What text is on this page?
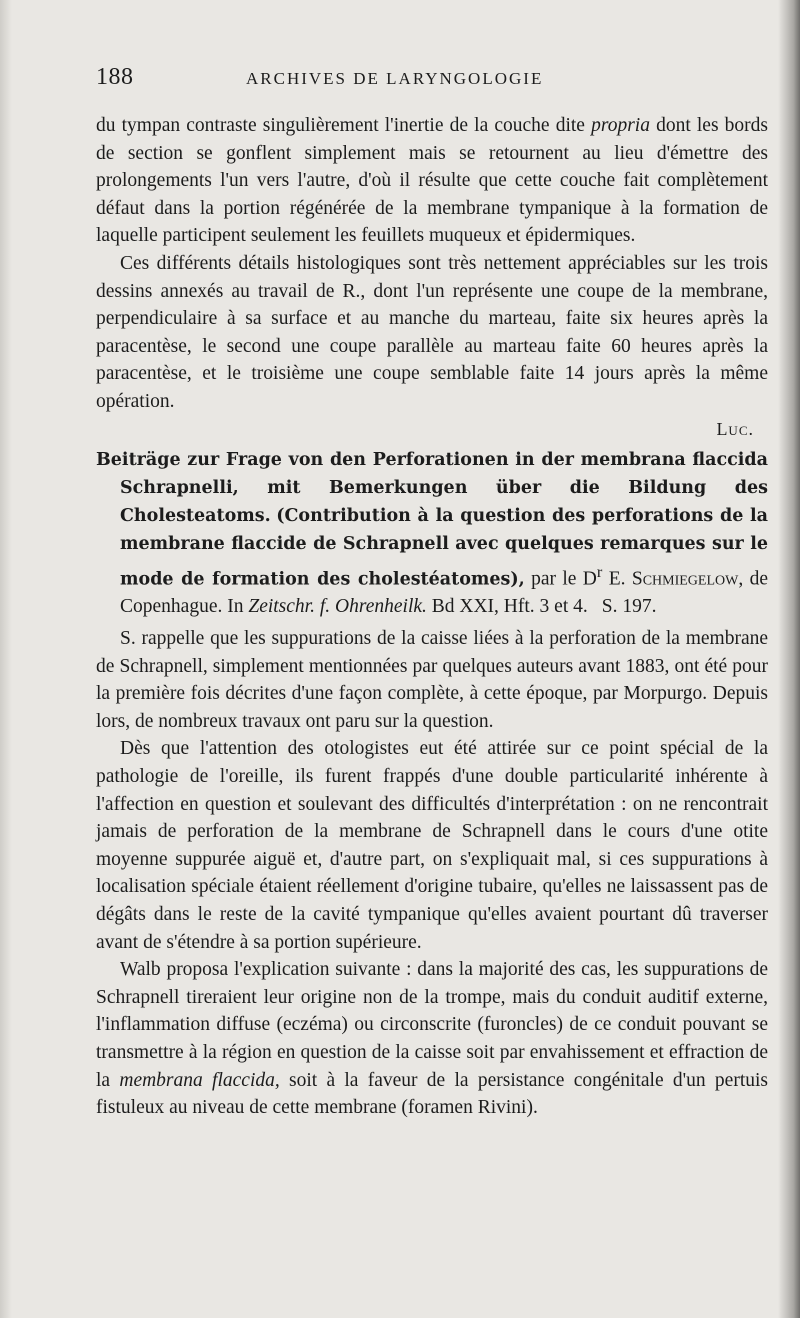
188	ARCHIVES DE LARYNGOLOGIE

du tympan contraste singulièrement l'inertie de la couche dite propria dont les bords de section se gonflent simplement mais se retournent au lieu d'émettre des prolongements l'un vers l'autre, d'où il résulte que cette couche fait complètement défaut dans la portion régénérée de la membrane tympanique à la formation de laquelle participent seulement les feuillets muqueux et épidermiques.

Ces différents détails histologiques sont très nettement appréciables sur les trois dessins annexés au travail de R., dont l'un représente une coupe de la membrane, perpendiculaire à sa surface et au manche du marteau, faite six heures après la paracentèse, le second une coupe parallèle au marteau faite 60 heures après la paracentèse, et le troisième une coupe semblable faite 14 jours après la même opération.

Luc.

Beiträge zur Frage von den Perforationen in der membrana flaccida Schrapnelli, mit Bemerkungen über die Bildung des Cholesteatoms. (Contribution à la question des perforations de la membrane flaccide de Schrapnell avec quelques remarques sur le mode de formation des cholestéatomes), par le $D^r$ E. Schmiegelow, de Copenhague. In Zeitschr. f. Ohrenheilk. Bd XXI, Hft. 3 et 4. S. 197.

S. rappelle que les suppurations de la caisse liées à la perforation de la membrane de Schrapnell, simplement mentionnées par quelques auteurs avant 1883, ont été pour la première fois décrites d'une façon complète, à cette époque, par Morpurgo. Depuis lors, de nombreux travaux ont paru sur la question.

Dès que l'attention des otologistes eut été attirée sur ce point spécial de la pathologie de l'oreille, ils furent frappés d'une double particularité inhérente à l'affection en question et soulevant des difficultés d'interprétation : on ne rencontrait jamais de perforation de la membrane de Schrapnell dans le cours d'une otite moyenne suppurée aiguë et, d'autre part, on s'expliquait mal, si ces suppurations à localisation spéciale étaient réellement d'origine tubaire, qu'elles ne laissassent pas de dégâts dans le reste de la cavité tympanique qu'elles avaient pourtant dû traverser avant de s'étendre à sa portion supérieure.

Walb proposa l'explication suivante : dans la majorité des cas, les suppurations de Schrapnell tireraient leur origine non de la trompe, mais du conduit auditif externe, l'inflammation diffuse (eczéma) ou circonscrite (furoncles) de ce conduit pouvant se transmettre à la région en question de la caisse soit par envahissement et effraction de la membrana flaccida, soit à la faveur de la persistance congénitale d'un pertuis fistuleux au niveau de cette membrane (foramen Rivini).
